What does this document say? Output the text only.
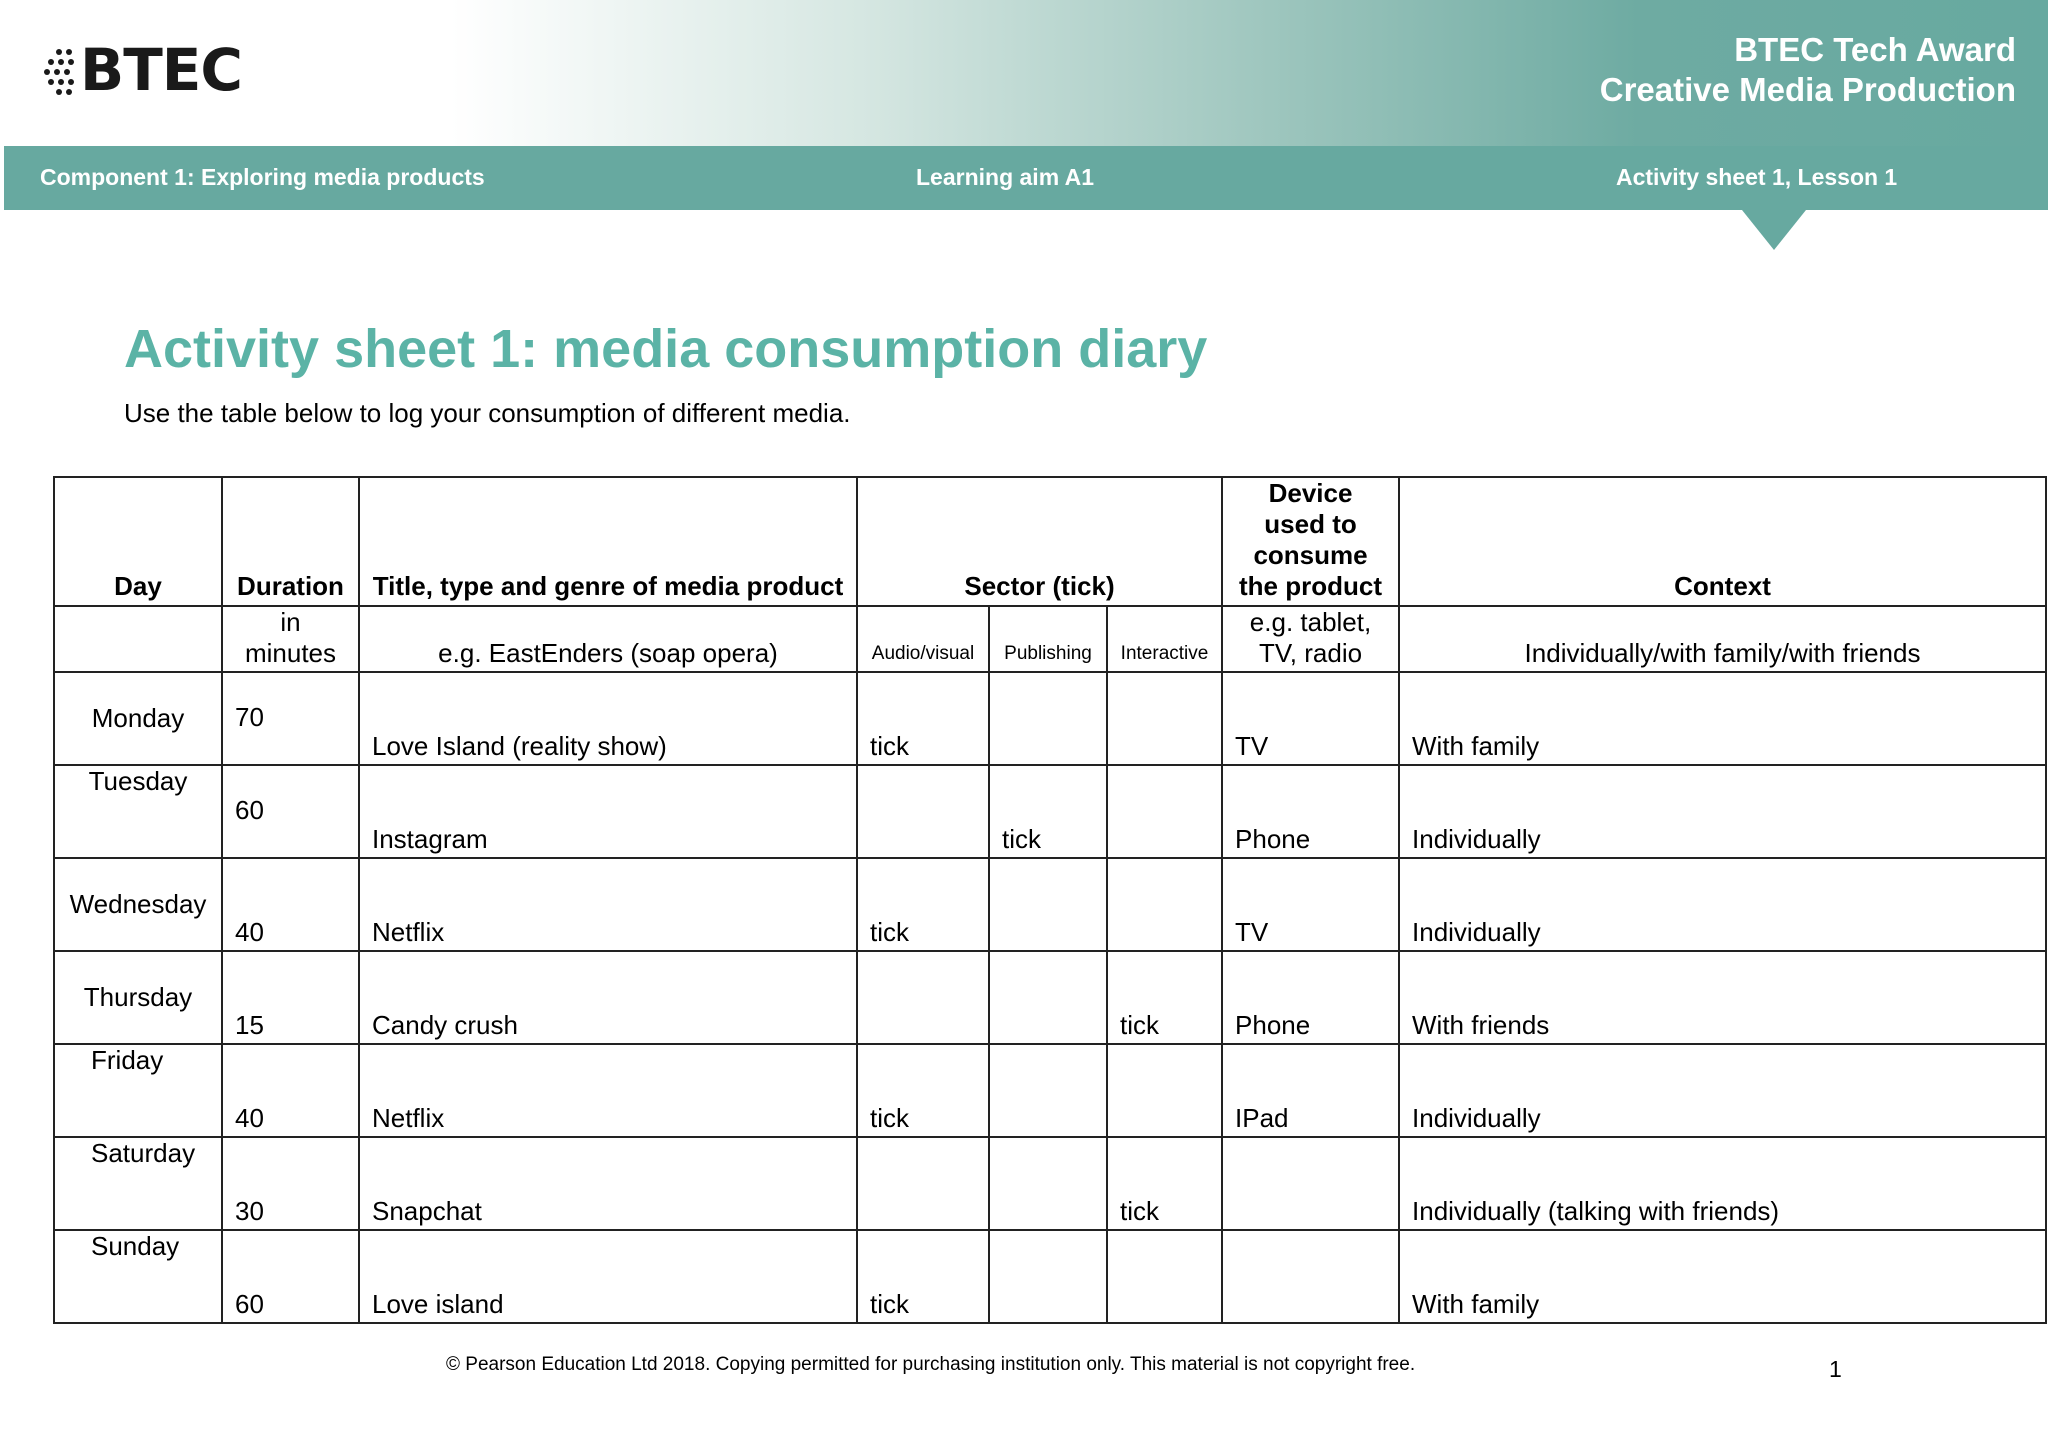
BTEC	BTEC Tech Award
Creative Media Production
Component 1: Exploring media products	Learning aim A1	Activity sheet 1, Lesson 1
Activity sheet 1: media consumption diary
Use the table below to log your consumption of different media.
Day	Duration	Title, type and genre of media product	Sector (tick)			Device used to consume the product	Context
	in minutes	e.g. EastEnders (soap opera)	Audio/visual	Publishing	Interactive	e.g. tablet, TV, radio	Individually/with family/with friends
Monday	70	Love Island (reality show)	tick			TV	With family
Tuesday	60	Instagram		tick		Phone	Individually
Wednesday	40	Netflix	tick			TV	Individually
Thursday	15	Candy crush			tick	Phone	With friends
Friday	40	Netflix	tick			IPad	Individually
Saturday	30	Snapchat			tick		Individually (talking with friends)
Sunday	60	Love island	tick				With family
© Pearson Education Ltd 2018. Copying permitted for purchasing institution only. This material is not copyright free.	1
